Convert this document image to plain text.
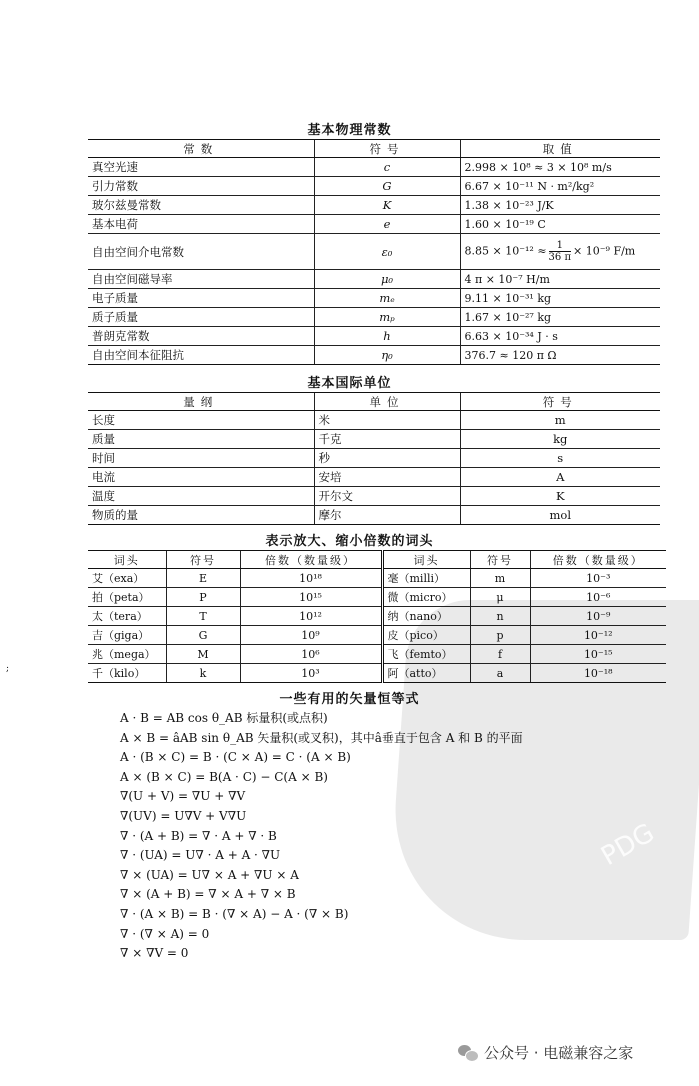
基本物理常数
常数	符号	取值
真空光速	c	2.998 × 10⁸ ≈ 3 × 10⁸ m/s
引力常数	G	6.67 × 10⁻¹¹ N · m²/kg²
玻尔兹曼常数	K	1.38 × 10⁻²³ J/K
基本电荷	e	1.60 × 10⁻¹⁹ C
自由空间介电常数	ε₀	$8.85 \times 10^{-12} \approx \frac{1}{36 \pi} \times 10^{-9}$ F/m
自由空间磁导率	μ₀	4 π × 10⁻⁷ H/m
电子质量	mₑ	9.11 × 10⁻³¹ kg
质子质量	mₚ	1.67 × 10⁻²⁷ kg
普朗克常数	h	6.63 × 10⁻³⁴ J · s
自由空间本征阻抗	η₀	376.7 ≈ 120 π Ω
基本国际单位
量纲	单位	符号
长度	米	m
质量	千克	kg
时间	秒	s
电流	安培	A
温度	开尔文	K
物质的量	摩尔	mol
PDG
表示放大、缩小倍数的词头
词头	符号	倍数（数量级）	词头	符号	倍数（数量级）
艾（exa）	E	10¹⁸	毫（milli）	m	10⁻³
拍（peta）	P	10¹⁵	微（micro）	μ	10⁻⁶
太（tera）	T	10¹²	纳（nano）	n	10⁻⁹
吉（giga）	G	10⁹	皮（pico）	p	10⁻¹²
兆（mega）	M	10⁶	飞（femto）	f	10⁻¹⁵
千（kilo）	k	10³	阿（atto）	a	10⁻¹⁸
;
一些有用的矢量恒等式
A · B = AB cos θ_AB 标量积(或点积)
A × B = âAB sin θ_AB 矢量积(或叉积)，其中â垂直于包含 A 和 B 的平面
A · (B × C) = B · (C × A) = C · (A × B)
A × (B × C) = B(A · C) − C(A × B)
∇(U + V) = ∇U + ∇V
∇(UV) = U∇V + V∇U
∇ · (A + B) = ∇ · A + ∇ · B
∇ · (UA) = U∇ · A + A · ∇U
∇ × (UA) = U∇ × A + ∇U × A
∇ × (A + B) = ∇ × A + ∇ × B
∇ · (A × B) = B · (∇ × A) − A · (∇ × B)
∇ · (∇ × A) = 0
∇ × ∇V = 0
公众号 · 电磁兼容之家
